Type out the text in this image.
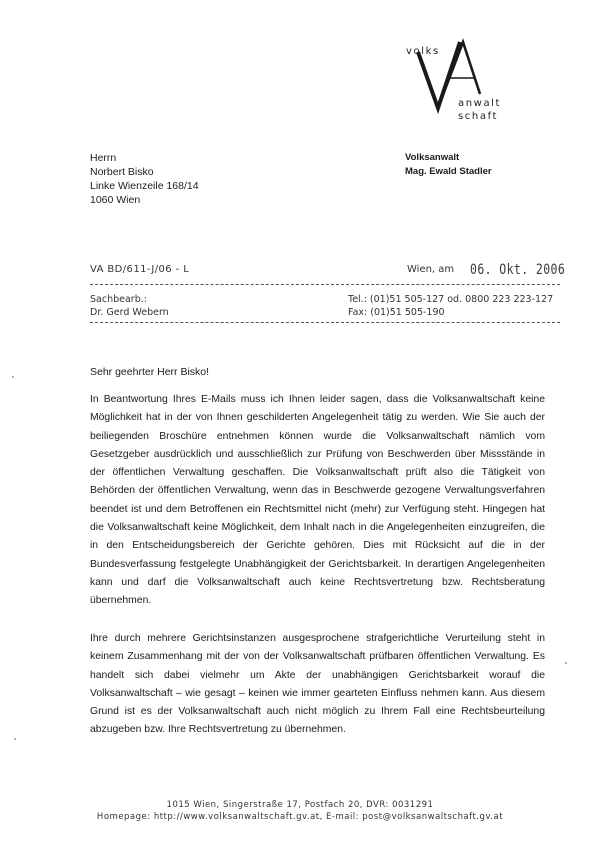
volks
anwalt
schaft
Herrn
Norbert Bisko
Linke Wienzeile 168/14
1060 Wien
Volksanwalt
Mag. Ewald Stadler
VA BD/611-J/06 - L	Wien, am 06. Okt. 2006
Sachbearb.:
Dr. Gerd Webern
Tel.: (01)51 505-127 od. 0800 223 223-127
Fax: (01)51 505-190
Sehr geehrter Herr Bisko!
In Beantwortung Ihres E-Mails muss ich Ihnen leider sagen, dass die Volksanwaltschaft keine Möglichkeit hat in der von Ihnen geschilderten Angelegenheit tätig zu werden. Wie Sie auch der beiliegenden Broschüre entnehmen können wurde die Volksanwaltschaft nämlich vom Gesetzgeber ausdrücklich und ausschließlich zur Prüfung von Beschwerden über Missstände in der öffentlichen Verwaltung geschaffen. Die Volksanwaltschaft prüft also die Tätigkeit von Behörden der öffentlichen Verwaltung, wenn das in Beschwerde gezogene Verwaltungsverfahren beendet ist und dem Betroffenen ein Rechtsmittel nicht (mehr) zur Verfügung steht. Hingegen hat die Volksanwaltschaft keine Möglichkeit, dem Inhalt nach in die Angelegenheiten einzugreifen, die in den Entscheidungsbereich der Gerichte gehören. Dies mit Rücksicht auf die in der Bundesverfassung festgelegte Unabhängigkeit der Gerichtsbarkeit. In derartigen Angelegenheiten kann und darf die Volksanwaltschaft auch keine Rechtsvertretung bzw. Rechtsberatung übernehmen.
Ihre durch mehrere Gerichtsinstanzen ausgesprochene strafgerichtliche Verurteilung steht in keinem Zusammenhang mit der von der Volksanwaltschaft prüfbaren öffentlichen Verwaltung. Es handelt sich dabei vielmehr um Akte der unabhängigen Gerichtsbarkeit worauf die Volksanwaltschaft – wie gesagt – keinen wie immer gearteten Einfluss nehmen kann. Aus diesem Grund ist es der Volksanwaltschaft auch nicht möglich zu Ihrem Fall eine Rechtsbeurteilung abzugeben bzw. Ihre Rechtsvertretung zu übernehmen.
1015 Wien, Singerstraße 17, Postfach 20, DVR: 0031291
Homepage: http://www.volksanwaltschaft.gv.at, E-mail: post@volksanwaltschaft.gv.at
